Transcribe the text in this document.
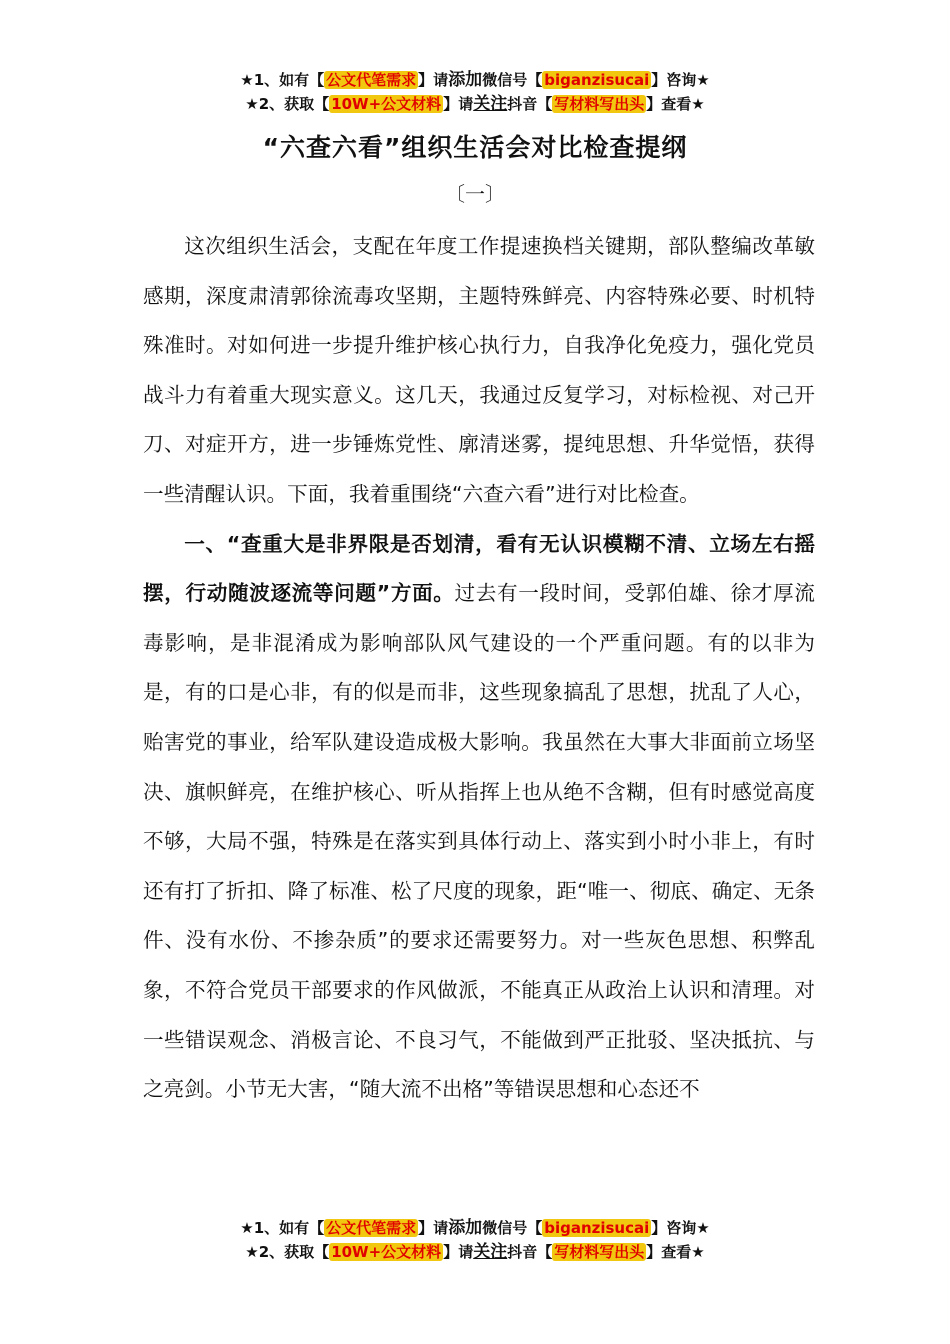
★1、如有【 公文代笔需求 】请添加微信号【 biganzisucai 】咨询★
★2、获取【 10W+公文材料 】请关注抖音【 写材料写出头 】查看★
“六查六看”组织生活会对比检查提纲
〔一〕

这次组织生活会，支配在年度工作提速换档关键期，部队整编改革敏感期，深度肃清郭徐流毒攻坚期，主题特殊鲜亮、内容特殊必要、时机特殊准时。对如何进一步提升维护核心执行力，自我净化免疫力，强化党员战斗力有着重大现实意义。这几天，我通过反复学习，对标检视、对己开刀、对症开方，进一步锤炼党性、廓清迷雾，提纯思想、升华觉悟，获得一些清醒认识。下面，我着重围绕“六查六看”进行对比检查。

一、“查重大是非界限是否划清，看有无认识模糊不清、立场左右摇摆，行动随波逐流等问题”方面。过去有一段时间，受郭伯雄、徐才厚流毒影响，是非混淆成为影响部队风气建设的一个严重问题。有的以非为是，有的口是心非，有的似是而非，这些现象搞乱了思想，扰乱了人心，贻害党的事业，给军队建设造成极大影响。我虽然在大事大非面前立场坚决、旗帜鲜亮，在维护核心、听从指挥上也从绝不含糊，但有时感觉高度不够，大局不强，特殊是在落实到具体行动上、落实到小时小非上，有时还有打了折扣、降了标准、松了尺度的现象，距“唯一、彻底、确定、无条件、没有水份、不掺杂质”的要求还需要努力。对一些灰色思想、积弊乱象，不符合党员干部要求的作风做派，不能真正从政治上认识和清理。对一些错误观念、消极言论、不良习气，不能做到严正批驳、坚决抵抗、与之亮剑。小节无大害，“随大流不出格”等错误思想和心态还不

★1、如有【 公文代笔需求 】请添加微信号【 biganzisucai 】咨询★
★2、获取【 10W+公文材料 】请关注抖音【 写材料写出头 】查看★
